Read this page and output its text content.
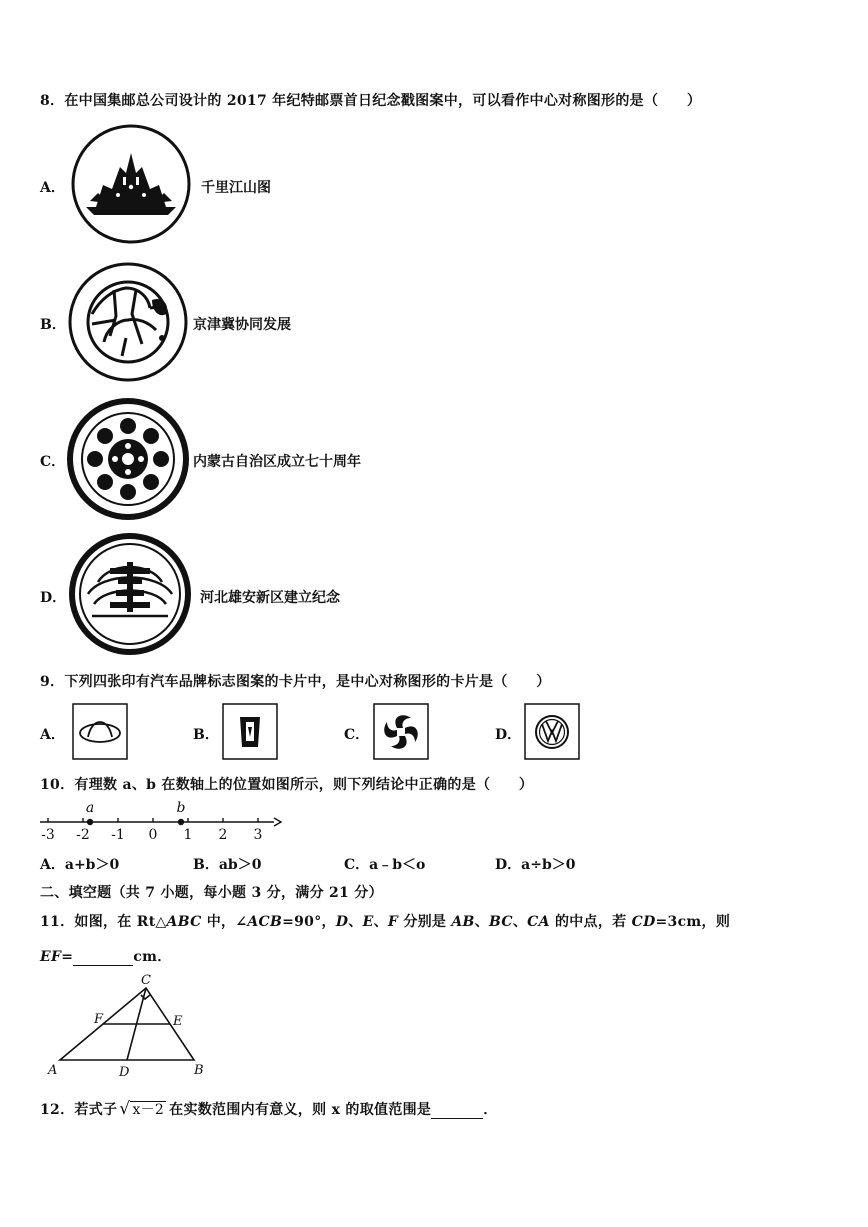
8．在中国集邮总公司设计的 2017 年纪特邮票首日纪念戳图案中，可以看作中心对称图形的是（　　）
A．	千里江山图
B．	京津冀协同发展
C．	内蒙古自治区成立七十周年
D．	河北雄安新区建立纪念
9．下列四张印有汽车品牌标志图案的卡片中，是中心对称图形的卡片是（　　）
A．	B．	C．	D．
10．有理数 a、b 在数轴上的位置如图所示，则下列结论中正确的是（　　）
-3 -2 -1 0 1 2 3
a	b
A．a+b＞0	B．ab＞0	C．a﹣b＜o	D．a÷b＞0
二、填空题（共 7 小题，每小题 3 分，满分 21 分）
11．如图，在 Rt△ABC 中，∠ACB=90°，D、E、F 分别是 AB、BC、CA 的中点，若 CD=3cm，则
EF=	cm．
A	B
C
D
E
F
12．若式子 √ x－2 在实数范围内有意义，则 x 的取值范围是	．
